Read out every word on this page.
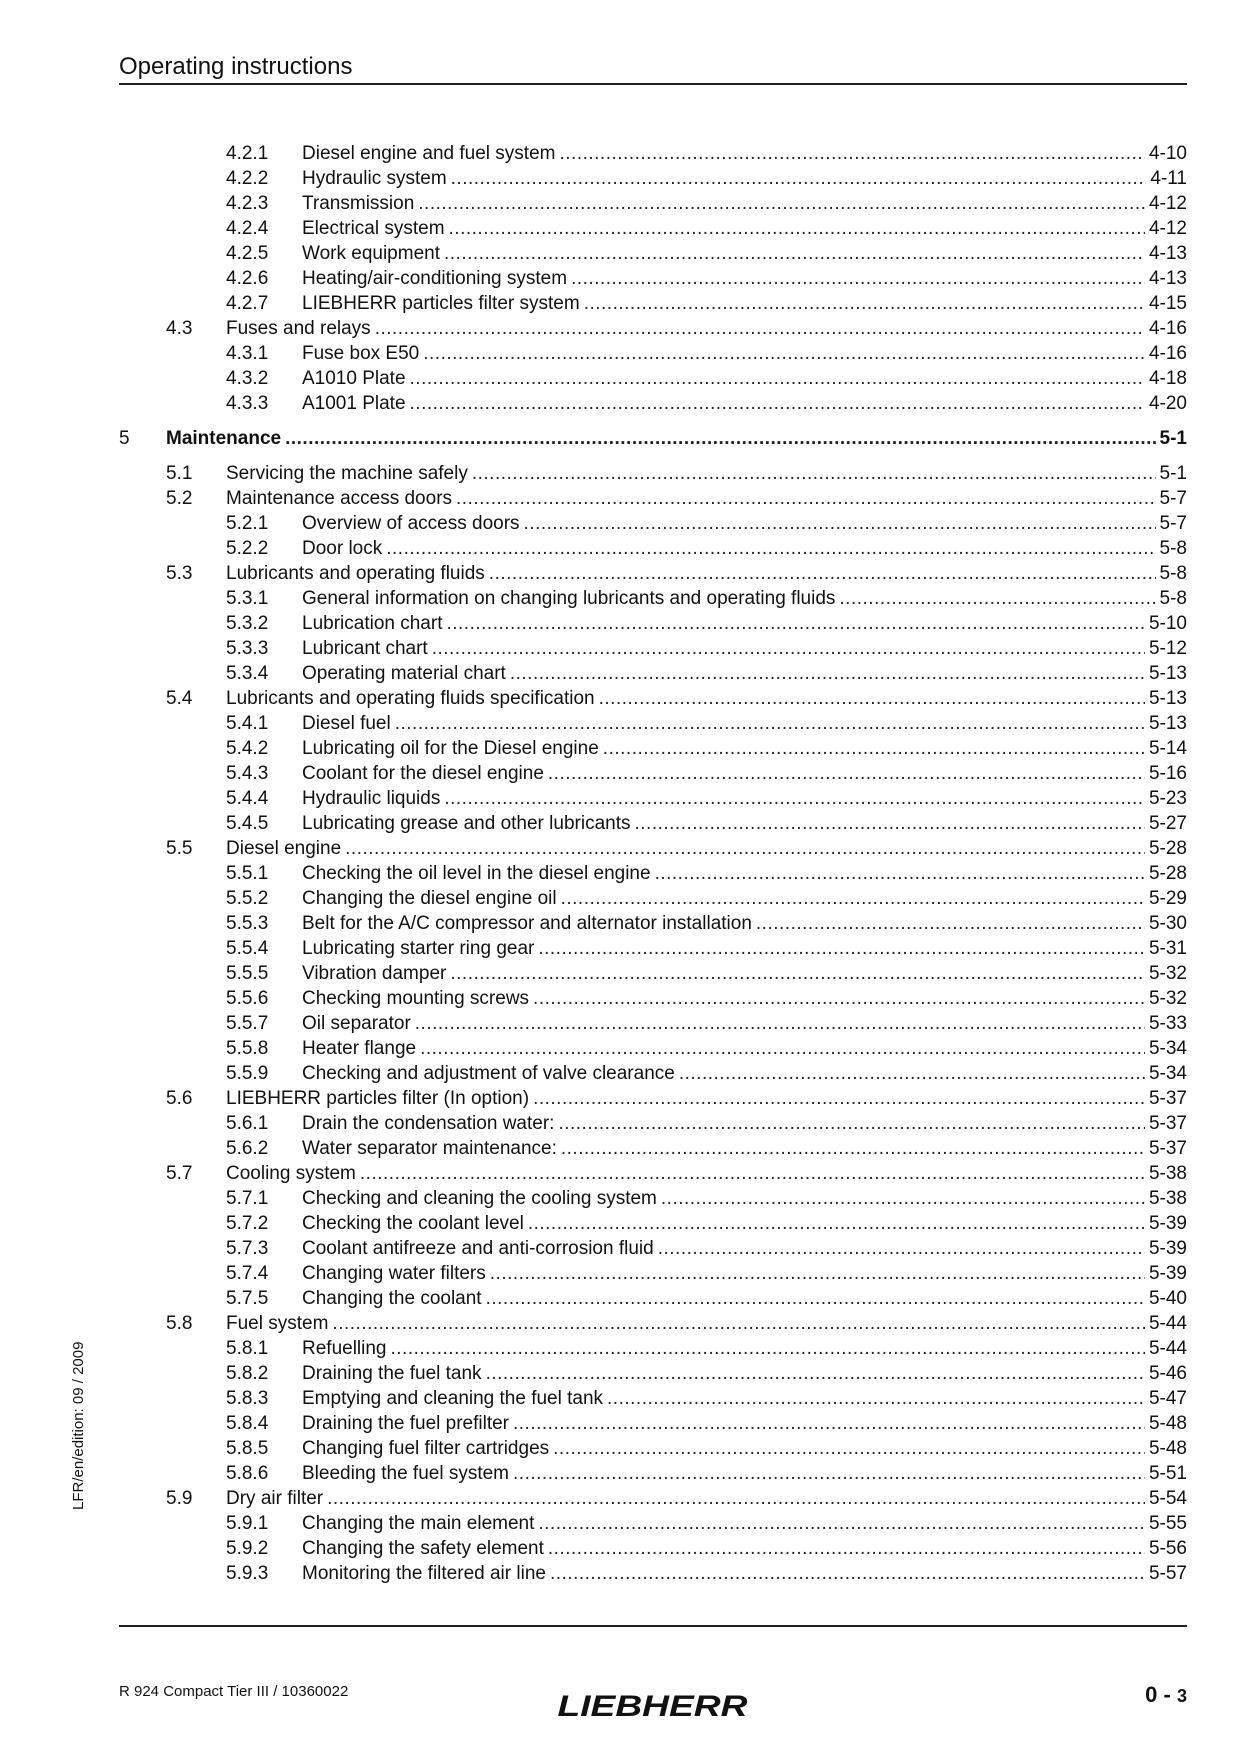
Operating instructions
4.2.1 Diesel engine and fuel system .....	4-10
4.2.2 Hydraulic system .....	4-11
4.2.3 Transmission .....	4-12
4.2.4 Electrical system .....	4-12
4.2.5 Work equipment .....	4-13
4.2.6 Heating/air-conditioning system .....	4-13
4.2.7 LIEBHERR particles filter system .....	4-15
4.3 Fuses and relays .....	4-16
4.3.1 Fuse box E50 .....	4-16
4.3.2 A1010 Plate .....	4-18
4.3.3 A1001 Plate .....	4-20
5 Maintenance .....	5-1
5.1 Servicing the machine safely .....	5-1
5.2 Maintenance access doors .....	5-7
5.2.1 Overview of access doors .....	5-7
5.2.2 Door lock .....	5-8
5.3 Lubricants and operating fluids .....	5-8
5.3.1 General information on changing lubricants and operating fluids .....	5-8
5.3.2 Lubrication chart .....	5-10
5.3.3 Lubricant chart .....	5-12
5.3.4 Operating material chart .....	5-13
5.4 Lubricants and operating fluids specification .....	5-13
5.4.1 Diesel fuel .....	5-13
5.4.2 Lubricating oil for the Diesel engine .....	5-14
5.4.3 Coolant for the diesel engine .....	5-16
5.4.4 Hydraulic liquids .....	5-23
5.4.5 Lubricating grease and other lubricants .....	5-27
5.5 Diesel engine .....	5-28
5.5.1 Checking the oil level in the diesel engine .....	5-28
5.5.2 Changing the diesel engine oil .....	5-29
5.5.3 Belt for the A/C compressor and alternator installation .....	5-30
5.5.4 Lubricating starter ring gear .....	5-31
5.5.5 Vibration damper .....	5-32
5.5.6 Checking mounting screws .....	5-32
5.5.7 Oil separator .....	5-33
5.5.8 Heater flange .....	5-34
5.5.9 Checking and adjustment of valve clearance .....	5-34
5.6 LIEBHERR particles filter (In option) .....	5-37
5.6.1 Drain the condensation water: .....	5-37
5.6.2 Water separator maintenance: .....	5-37
5.7 Cooling system .....	5-38
5.7.1 Checking and cleaning the cooling system .....	5-38
5.7.2 Checking the coolant level .....	5-39
5.7.3 Coolant antifreeze and anti-corrosion fluid .....	5-39
5.7.4 Changing water filters .....	5-39
5.7.5 Changing the coolant .....	5-40
5.8 Fuel system .....	5-44
5.8.1 Refuelling .....	5-44
5.8.2 Draining the fuel tank .....	5-46
5.8.3 Emptying and cleaning the fuel tank .....	5-47
5.8.4 Draining the fuel prefilter .....	5-48
5.8.5 Changing fuel filter cartridges .....	5-48
5.8.6 Bleeding the fuel system .....	5-51
5.9 Dry air filter .....	5-54
5.9.1 Changing the main element .....	5-55
5.9.2 Changing the safety element .....	5-56
5.9.3 Monitoring the filtered air line .....	5-57
LFR/en/edition: 09 / 2009
R 924 Compact Tier III / 10360022	LIEBHERR	0 - 3
